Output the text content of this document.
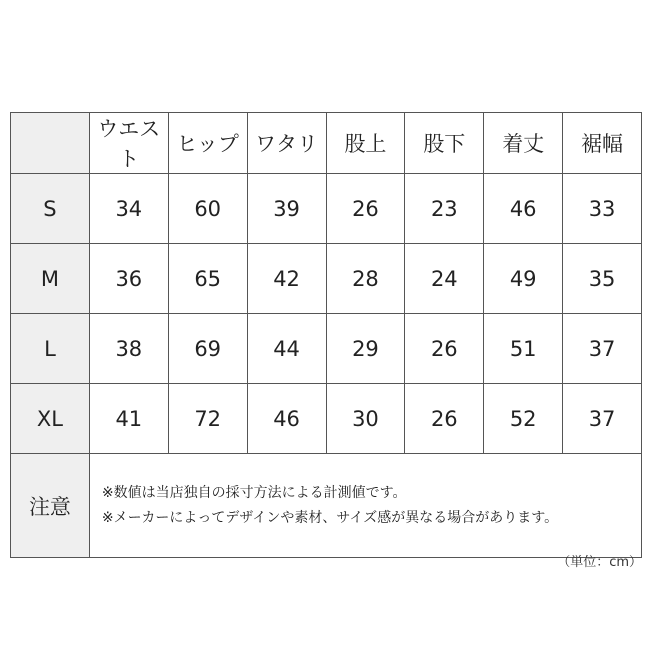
	ウエスト	ヒップ	ワタリ	股上	股下	着丈	裾幅
S	34	60	39	26	23	46	33
M	36	65	42	28	24	49	35
L	38	69	44	29	26	51	37
XL	41	72	46	30	26	52	37
注意	※数値は当店独自の採寸方法による計測値です。
※メーカーによってデザインや素材、サイズ感が異なる場合があります。						
（単位：cm）
